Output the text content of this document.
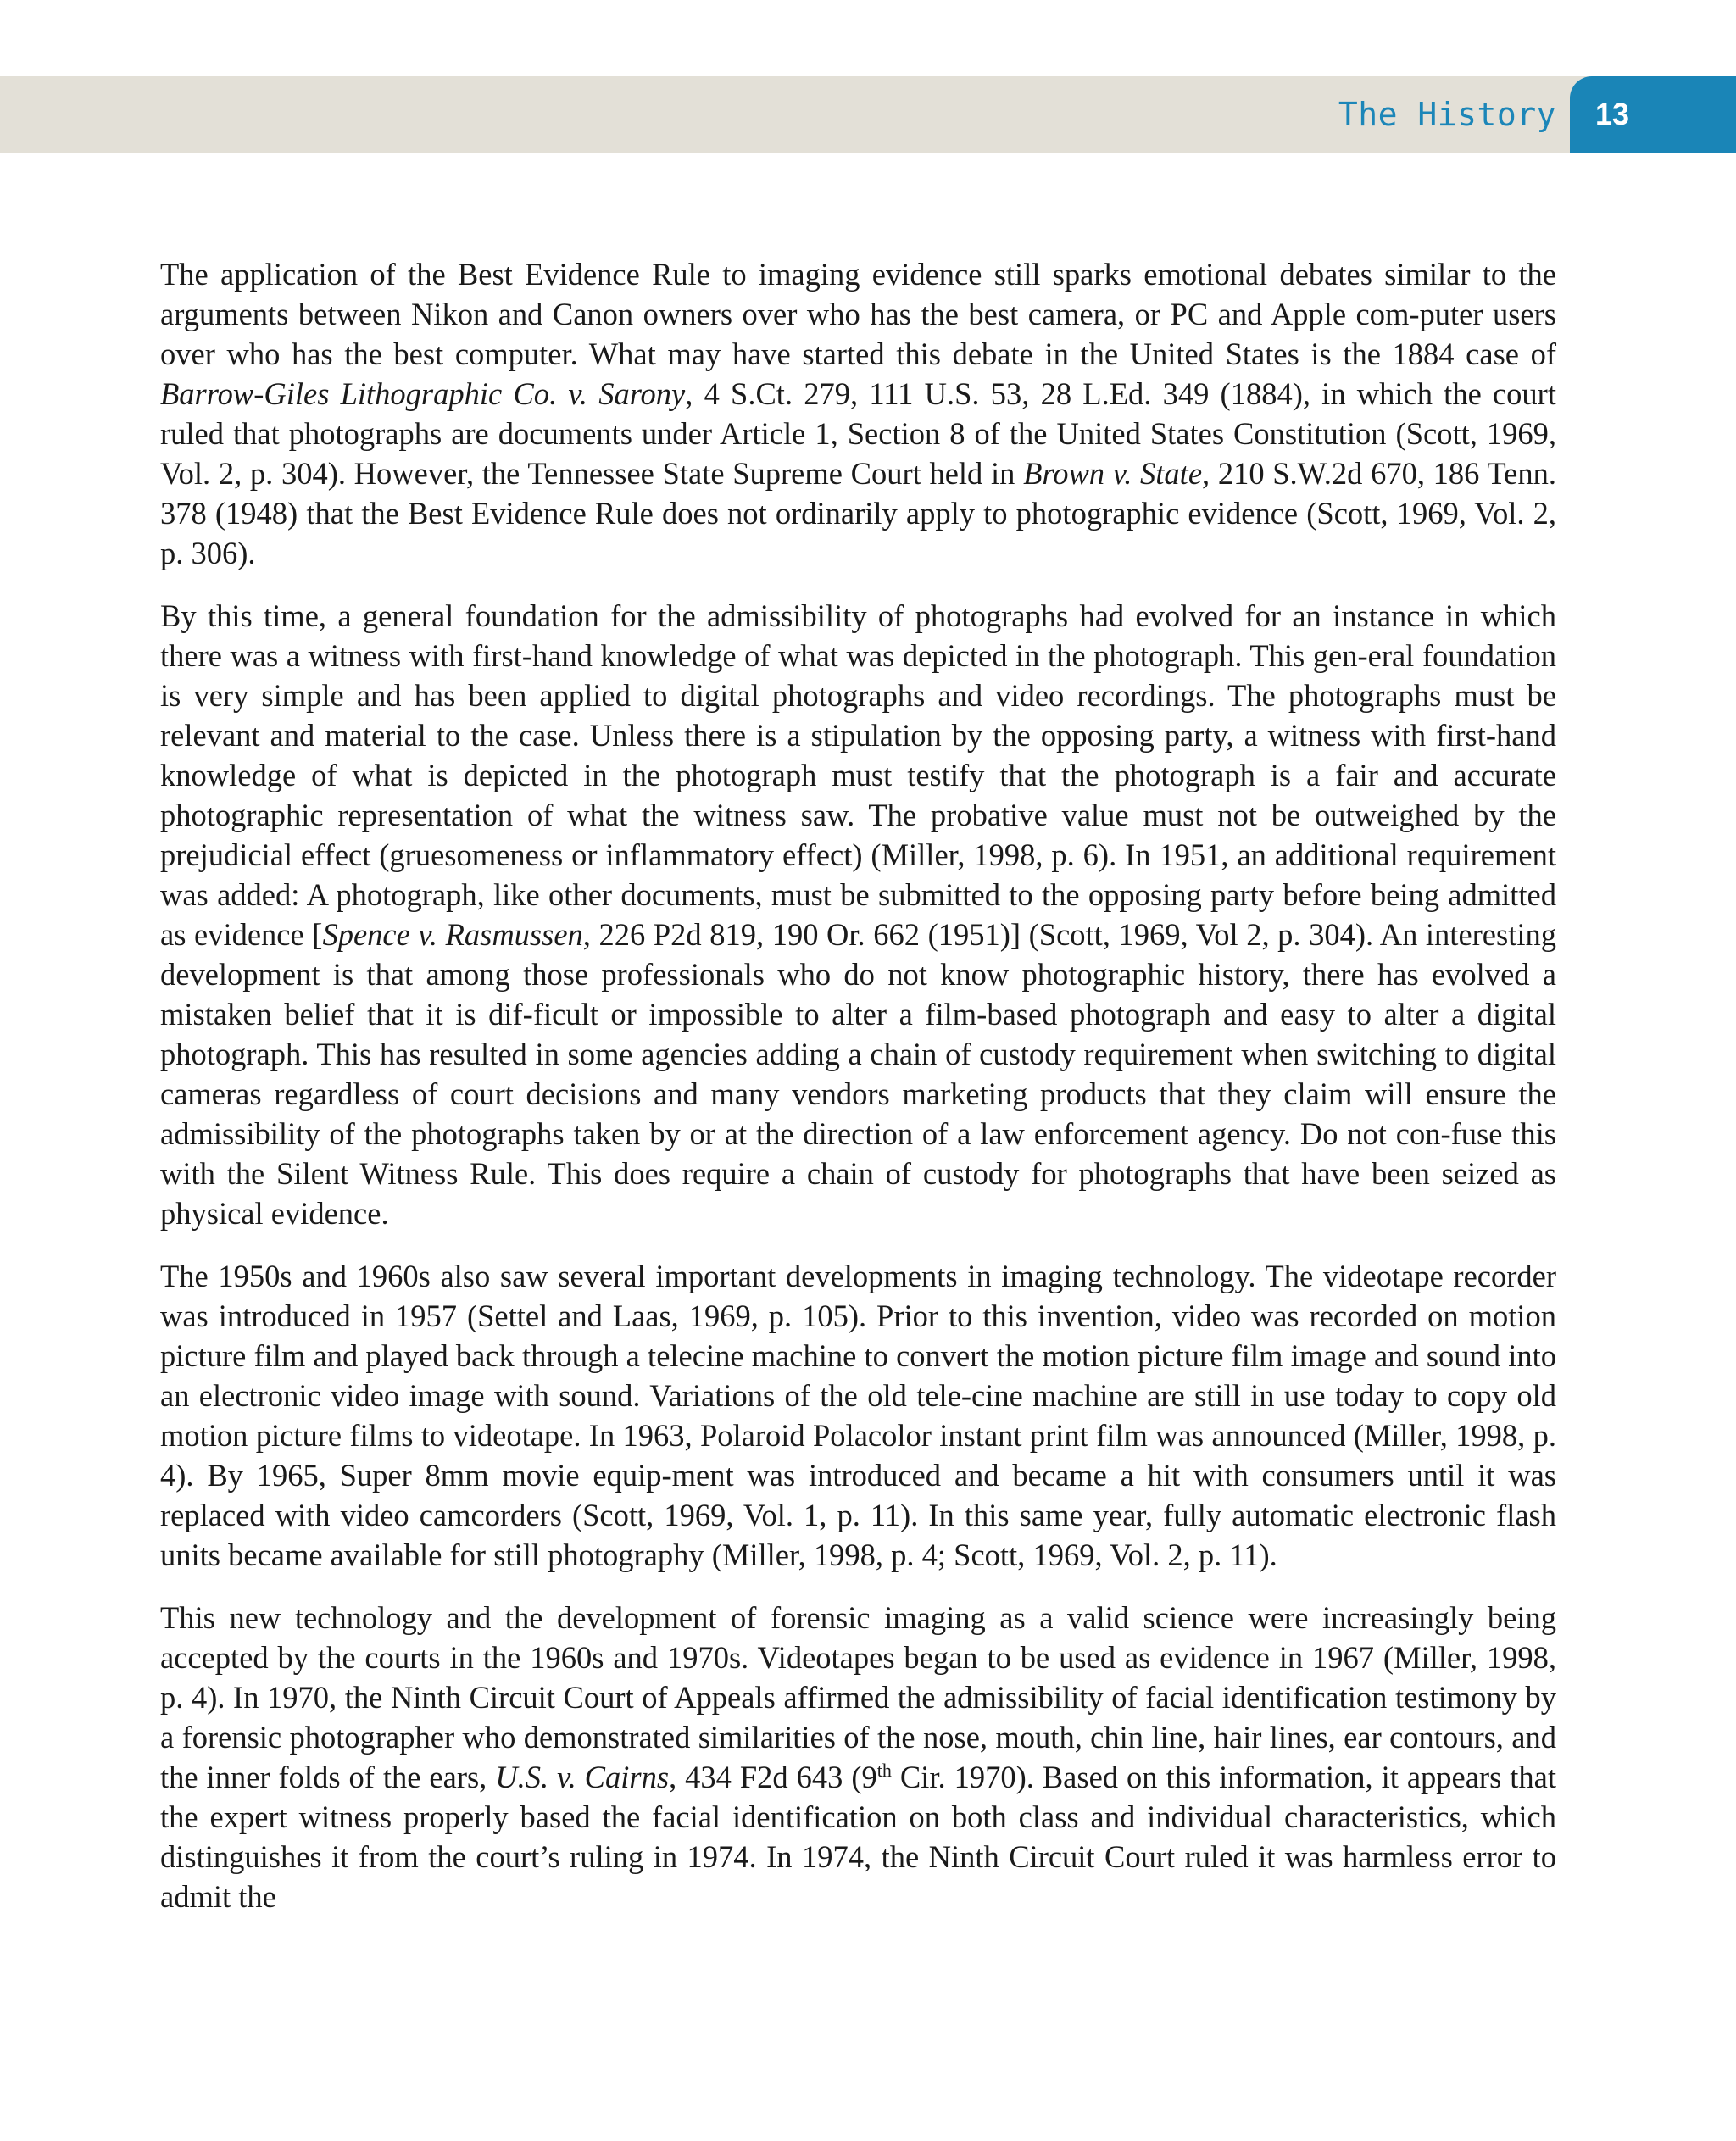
The History 13

The application of the Best Evidence Rule to imaging evidence still sparks emotional debates similar to the arguments between Nikon and Canon owners over who has the best camera, or PC and Apple com-puter users over who has the best computer. What may have started this debate in the United States is the 1884 case of Barrow-Giles Lithographic Co. v. Sarony, 4 S.Ct. 279, 111 U.S. 53, 28 L.Ed. 349 (1884), in which the court ruled that photographs are documents under Article 1, Section 8 of the United States Constitution (Scott, 1969, Vol. 2, p. 304). However, the Tennessee State Supreme Court held in Brown v. State, 210 S.W.2d 670, 186 Tenn. 378 (1948) that the Best Evidence Rule does not ordinarily apply to photographic evidence (Scott, 1969, Vol. 2, p. 306).

By this time, a general foundation for the admissibility of photographs had evolved for an instance in which there was a witness with first-hand knowledge of what was depicted in the photograph. This gen-eral foundation is very simple and has been applied to digital photographs and video recordings. The photographs must be relevant and material to the case. Unless there is a stipulation by the opposing party, a witness with first-hand knowledge of what is depicted in the photograph must testify that the photograph is a fair and accurate photographic representation of what the witness saw. The probative value must not be outweighed by the prejudicial effect (gruesomeness or inflammatory effect) (Miller, 1998, p. 6). In 1951, an additional requirement was added: A photograph, like other documents, must be submitted to the opposing party before being admitted as evidence [Spence v. Rasmussen, 226 P2d 819, 190 Or. 662 (1951)] (Scott, 1969, Vol 2, p. 304). An interesting development is that among those professionals who do not know photographic history, there has evolved a mistaken belief that it is dif-ficult or impossible to alter a film-based photograph and easy to alter a digital photograph. This has resulted in some agencies adding a chain of custody requirement when switching to digital cameras regardless of court decisions and many vendors marketing products that they claim will ensure the admissibility of the photographs taken by or at the direction of a law enforcement agency. Do not con-fuse this with the Silent Witness Rule. This does require a chain of custody for photographs that have been seized as physical evidence.

The 1950s and 1960s also saw several important developments in imaging technology. The videotape recorder was introduced in 1957 (Settel and Laas, 1969, p. 105). Prior to this invention, video was recorded on motion picture film and played back through a telecine machine to convert the motion picture film image and sound into an electronic video image with sound. Variations of the old tele-cine machine are still in use today to copy old motion picture films to videotape. In 1963, Polaroid Polacolor instant print film was announced (Miller, 1998, p. 4). By 1965, Super 8mm movie equip-ment was introduced and became a hit with consumers until it was replaced with video camcorders (Scott, 1969, Vol. 1, p. 11). In this same year, fully automatic electronic flash units became available for still photography (Miller, 1998, p. 4; Scott, 1969, Vol. 2, p. 11).

This new technology and the development of forensic imaging as a valid science were increasingly being accepted by the courts in the 1960s and 1970s. Videotapes began to be used as evidence in 1967 (Miller, 1998, p. 4). In 1970, the Ninth Circuit Court of Appeals affirmed the admissibility of facial identification testimony by a forensic photographer who demonstrated similarities of the nose, mouth, chin line, hair lines, ear contours, and the inner folds of the ears, U.S. v. Cairns, 434 F2d 643 (9th Cir. 1970). Based on this information, it appears that the expert witness properly based the facial identification on both class and individual characteristics, which distinguishes it from the court’s ruling in 1974. In 1974, the Ninth Circuit Court ruled it was harmless error to admit the
